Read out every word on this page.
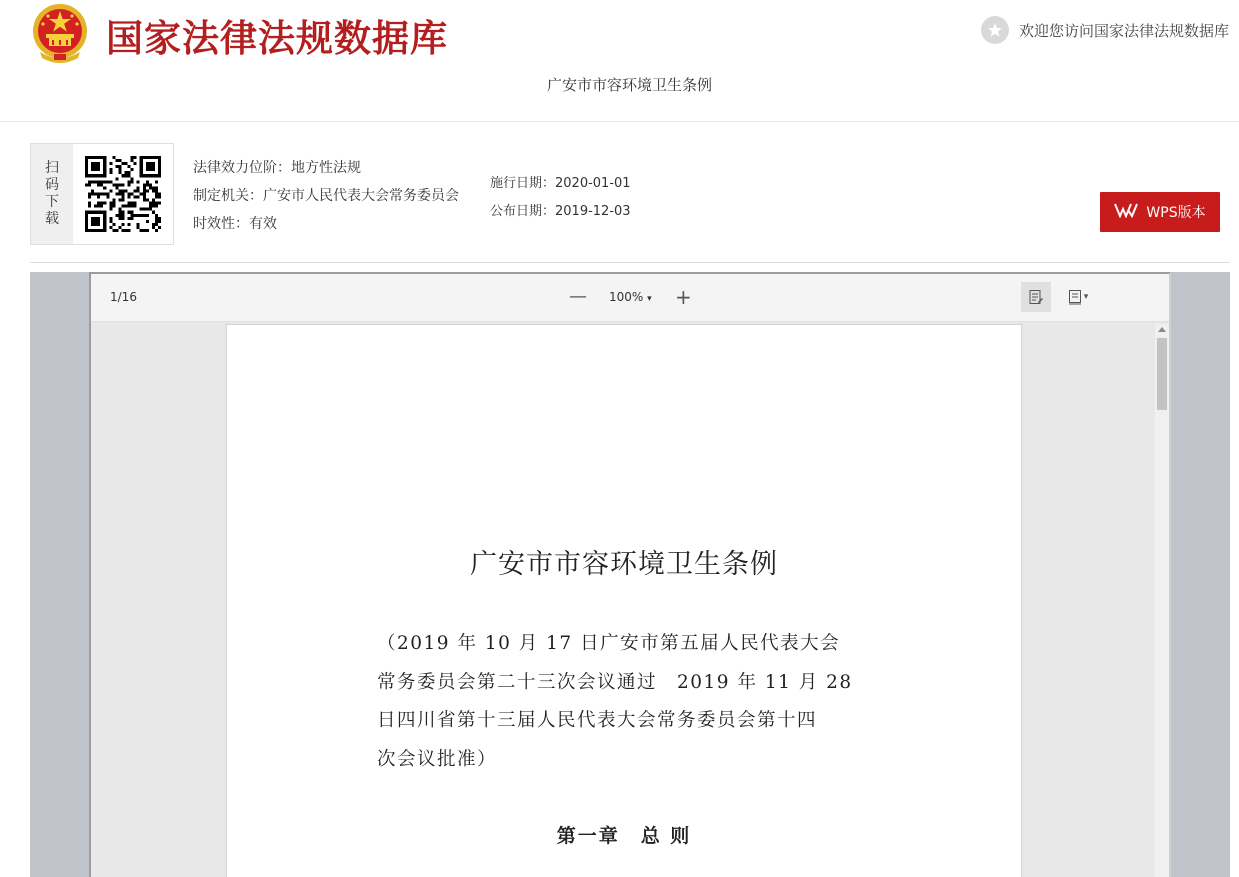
国家法律法规数据库	欢迎您访问国家法律法规数据库
广安市市容环境卫生条例
扫
码
下
载
法律效力位阶：地方性法规
制定机关：广安市人民代表大会常务委员会
时效性：有效
施行日期：2020-01-01
公布日期：2019-12-03	WPS版本
1/16	— 100% ▾ +	▾
广安市市容环境卫生条例
（2019 年 10 月 17 日广安市第五届人民代表大会
常务委员会第二十三次会议通过　2019 年 11 月 28
日四川省第十三届人民代表大会常务委员会第十四
次会议批准）
第一章　总 则
